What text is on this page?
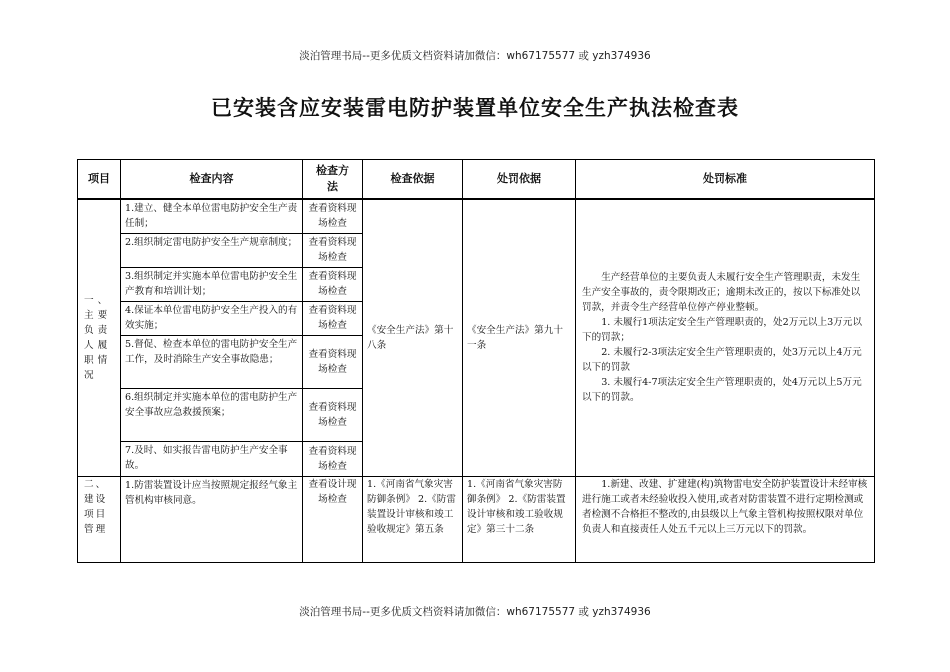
淡泊管理书局--更多优质文档资料请加微信：wh67175577 或 yzh374936
已安装含应安装雷电防护装置单位安全生产执法检查表
项目	检查内容	检查方法	检查依据	处罚依据	处罚标准
一、主要负责人履职情况	1.建立、健全本单位雷电防护安全生产责任制；	查看资料现场检查	《安全生产法》第十八条	《安全生产法》第九十一条	生产经营单位的主要负责人未履行安全生产管理职责，未发生生产安全事故的，责令限期改正；逾期未改正的，按以下标准处以罚款，并责令生产经营单位停产停业整顿。

1. 未履行1项法定安全生产管理职责的，处2万元以上3万元以下的罚款；

2. 未履行2-3项法定安全生产管理职责的，处3万元以上4万元以下的罚款

3. 未履行4-7项法定安全生产管理职责的，处4万元以上5万元以下的罚款。

	2.组织制定雷电防护安全生产规章制度；	查看资料现场检查			
	3.组织制定并实施本单位雷电防护安全生产教育和培训计划；	查看资料现场检查			
	4.保证本单位雷电防护安全生产投入的有效实施；	查看资料现场检查			
	5.督促、检查本单位的雷电防护安全生产工作，及时消除生产安全事故隐患；	查看资料现场检查			
	6.组织制定并实施本单位的雷电防护生产安全事故应急救援预案；	查看资料现场检查			
	7.及时、如实报告雷电防护生产安全事故。	查看资料现场检查			
二、建设项目管理	1.防雷装置设计应当按照规定报经气象主管机构审核同意。	查看设计现场检查	1.《河南省气象灾害防御条例》 2.《防雷装置设计审核和竣工验收规定》第五条	1.《河南省气象灾害防御条例》 2.《防雷装置设计审核和竣工验收规定》第三十二条	1.新建、改建、扩建建(构)筑物雷电安全防护装置设计未经审核进行施工或者未经验收投入使用,或者对防雷装置不进行定期检测或者检测不合格拒不整改的,由县级以上气象主管机构按照权限对单位负责人和直接责任人处五千元以上三万元以下的罚款。

淡泊管理书局--更多优质文档资料请加微信：wh67175577 或 yzh374936
